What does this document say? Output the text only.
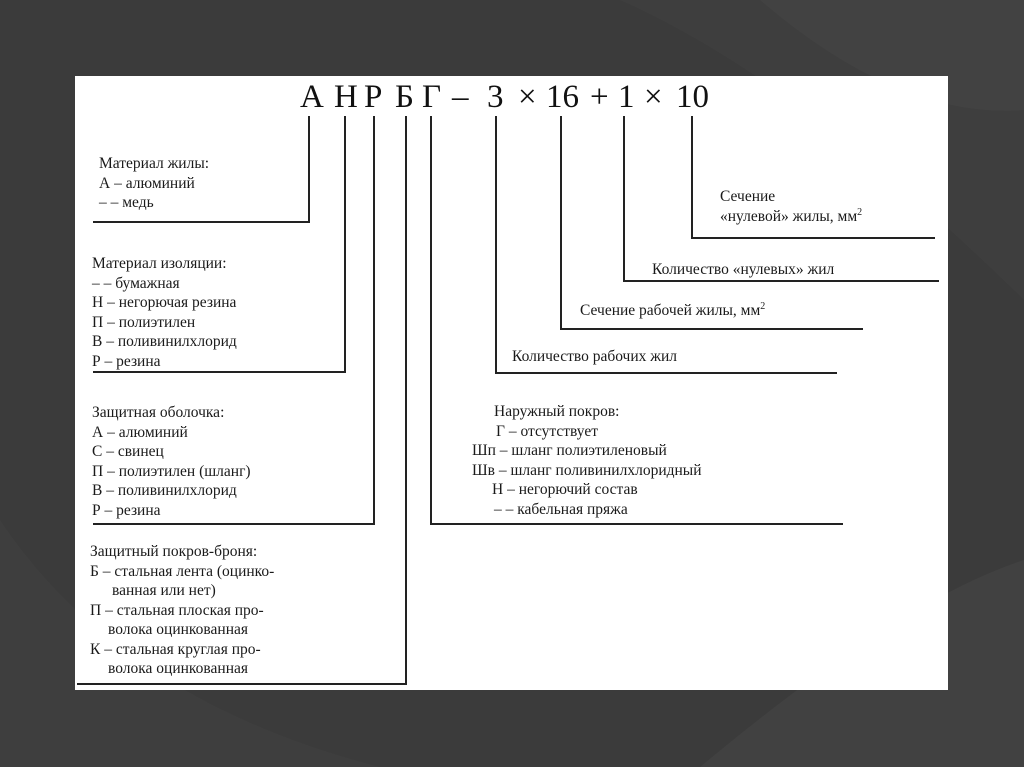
А Н Р Б Г – 3 × 16 + 1 × 10
Материал жилы:
А – алюминий
– – медь
Материал изоляции:
– – бумажная
Н – негорючая резина
П – полиэтилен
В – поливинилхлорид
Р – резина
Защитная оболочка:
А – алюминий
С – свинец
П – полиэтилен (шланг)
В – поливинилхлорид
Р – резина
Защитный покров-броня:
Б – стальная лента (оцинко-
ванная или нет)
П – стальная плоская про-
волока оцинкованная
К – стальная круглая про-
волока оцинкованная
Сечение
«нулевой» жилы, $мм^2$
Количество «нулевых» жил
Сечение рабочей жилы, $мм^2$
Количество рабочих жил
Наружный покров:
Г – отсутствует
Шп – шланг полиэтиленовый
Шв – шланг поливинилхлоридный
Н – негорючий состав
– – кабельная пряжа
